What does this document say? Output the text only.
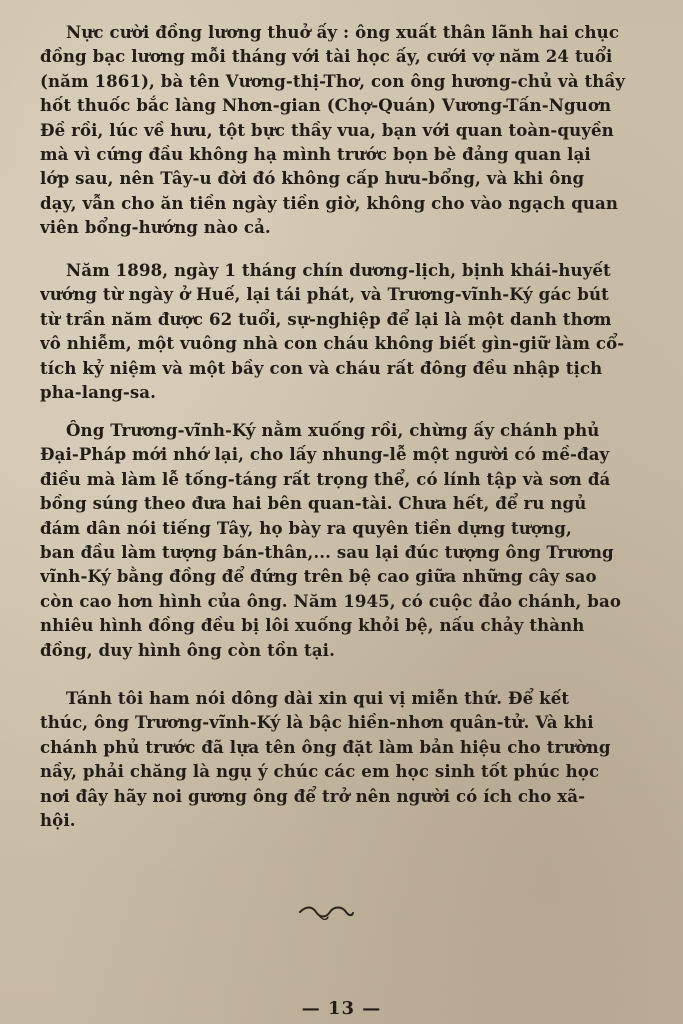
Nực cười đồng lương thuở ấy : ông xuất thân lãnh hai chục
đồng bạc lương mỗi tháng với tài học ấy, cưới vợ năm 24 tuổi
(năm 1861), bà tên Vương-thị-Thơ, con ông hương-chủ và thầy
hốt thuốc bắc làng Nhơn-gian (Chợ-Quán) Vương-Tấn-Nguơn
Đề rồi, lúc về hưu, tột bực thầy vua, bạn với quan toàn-quyền
mà vì cứng đầu không hạ mình trước bọn bè đảng quan lại
lớp sau, nên Tây-u đời đó không cấp hưu-bổng, và khi ông
dạy, vẫn cho ăn tiền ngày tiền giờ, không cho vào ngạch quan
viên bổng-hướng nào cả.
Năm 1898, ngày 1 tháng chín dương-lịch, bịnh khái-huyết
vướng từ ngày ở Huế, lại tái phát, và Trương-vĩnh-Ký gác bút
từ trần năm được 62 tuổi, sự-nghiệp để lại là một danh thơm
vô nhiễm, một vuông nhà con cháu không biết gìn-giữ làm cổ-
tích kỷ niệm và một bầy con và cháu rất đông đều nhập tịch
pha-lang-sa.
Ông Trương-vĩnh-Ký nằm xuống rồi, chừng ấy chánh phủ
Đại-Pháp mới nhớ lại, cho lấy nhung-lễ một người có mề-đay
điều mà làm lễ tống-táng rất trọng thể, có lính tập và sơn đá
bồng súng theo đưa hai bên quan-tài. Chưa hết, để ru ngủ
đám dân nói tiếng Tây, họ bày ra quyên tiền dựng tượng,
ban đầu làm tượng bán-thân,... sau lại đúc tượng ông Trương
vĩnh-Ký bằng đồng để đứng trên bệ cao giữa những cây sao
còn cao hơn hình của ông. Năm 1945, có cuộc đảo chánh, bao
nhiêu hình đồng đều bị lôi xuống khỏi bệ, nấu chảy thành
đồng, duy hình ông còn tồn tại.
Tánh tôi ham nói dông dài xin qui vị miễn thứ. Để kết
thúc, ông Trương-vĩnh-Ký là bậc hiền-nhơn quân-tử. Và khi
chánh phủ trước đã lựa tên ông đặt làm bản hiệu cho trường
nầy, phải chăng là ngụ ý chúc các em học sinh tốt phúc học
nơi đây hãy noi gương ông để trở nên người có ích cho xã-
hội.
— 13 —
